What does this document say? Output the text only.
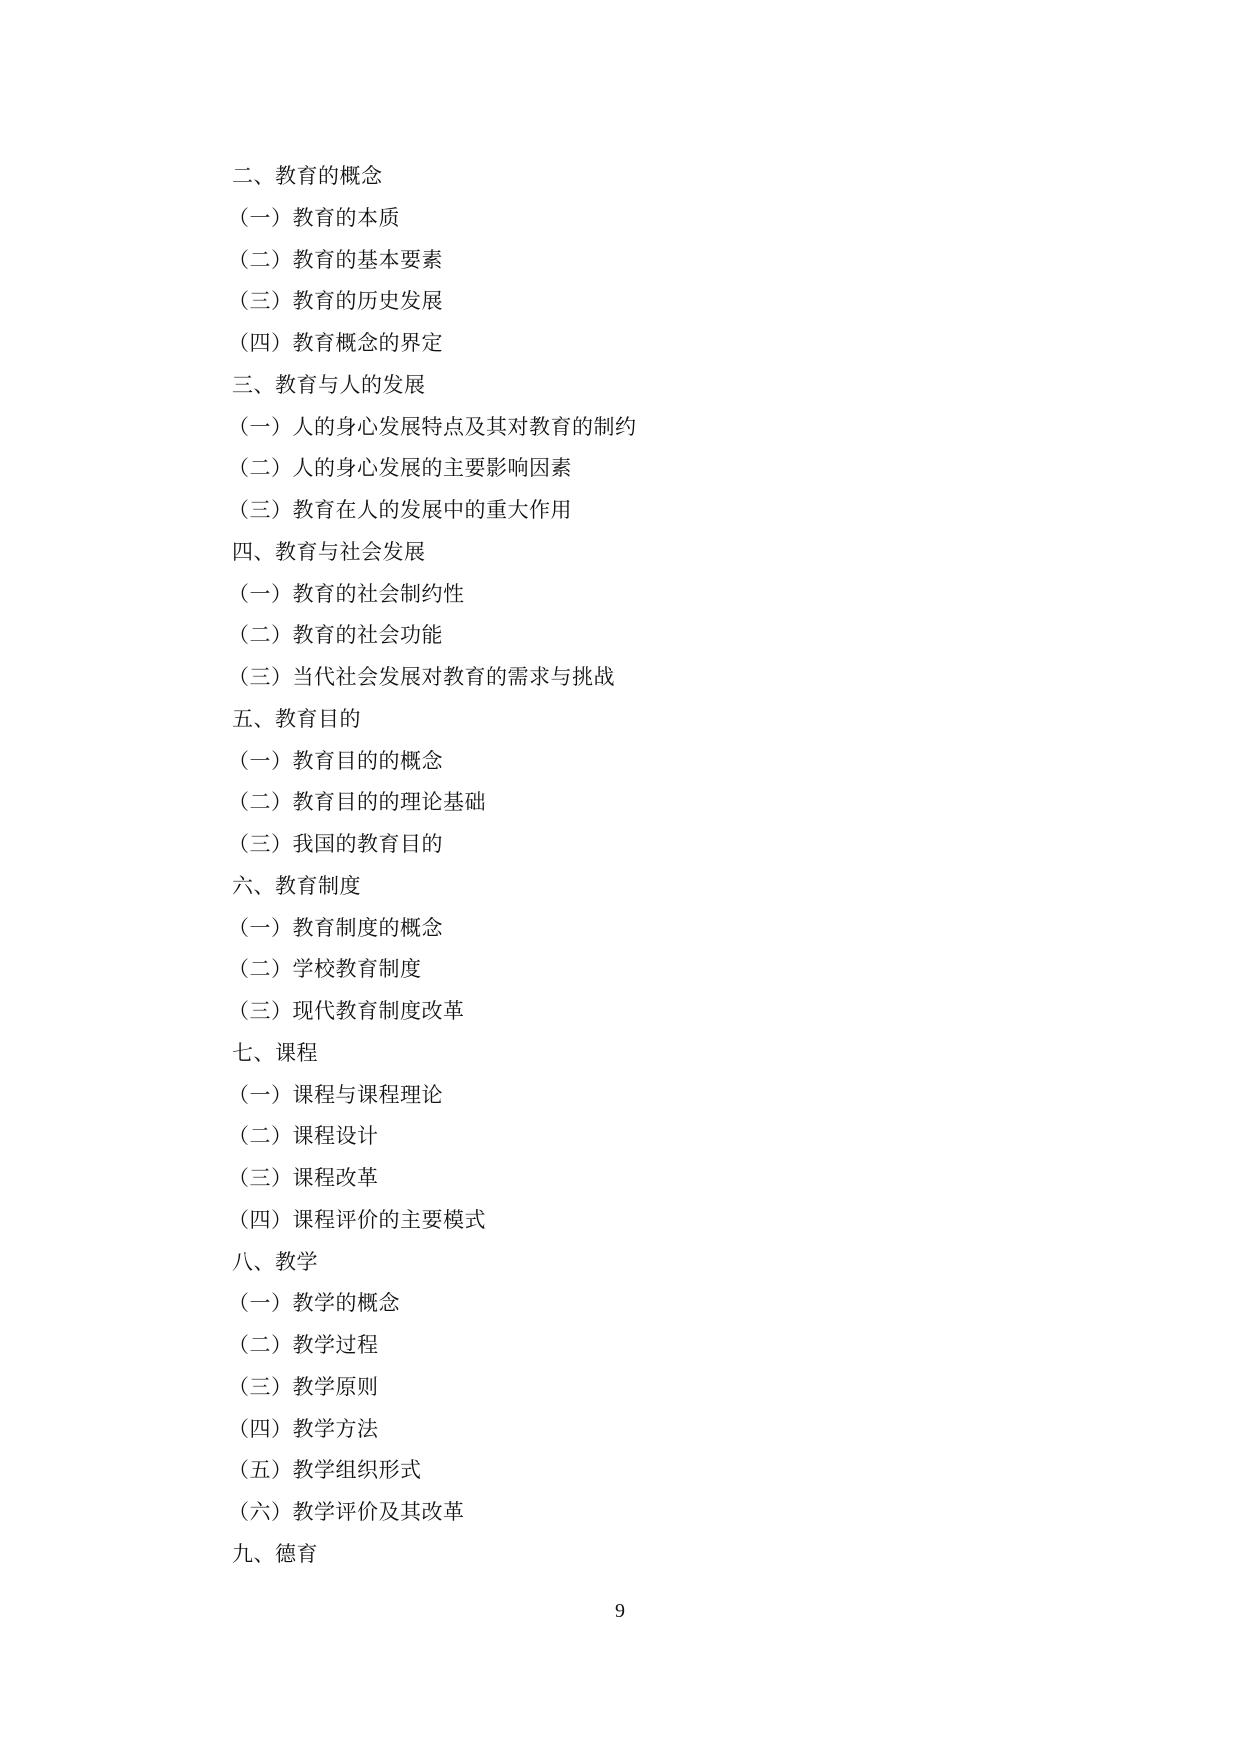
二、教育的概念
（一）教育的本质
（二）教育的基本要素
（三）教育的历史发展
（四）教育概念的界定
三、教育与人的发展
（一）人的身心发展特点及其对教育的制约
（二）人的身心发展的主要影响因素
（三）教育在人的发展中的重大作用
四、教育与社会发展
（一）教育的社会制约性
（二）教育的社会功能
（三）当代社会发展对教育的需求与挑战
五、教育目的
（一）教育目的的概念
（二）教育目的的理论基础
（三）我国的教育目的
六、教育制度
（一）教育制度的概念
（二）学校教育制度
（三）现代教育制度改革
七、课程
（一）课程与课程理论
（二）课程设计
（三）课程改革
（四）课程评价的主要模式
八、教学
（一）教学的概念
（二）教学过程
（三）教学原则
（四）教学方法
（五）教学组织形式
（六）教学评价及其改革
九、德育
9
